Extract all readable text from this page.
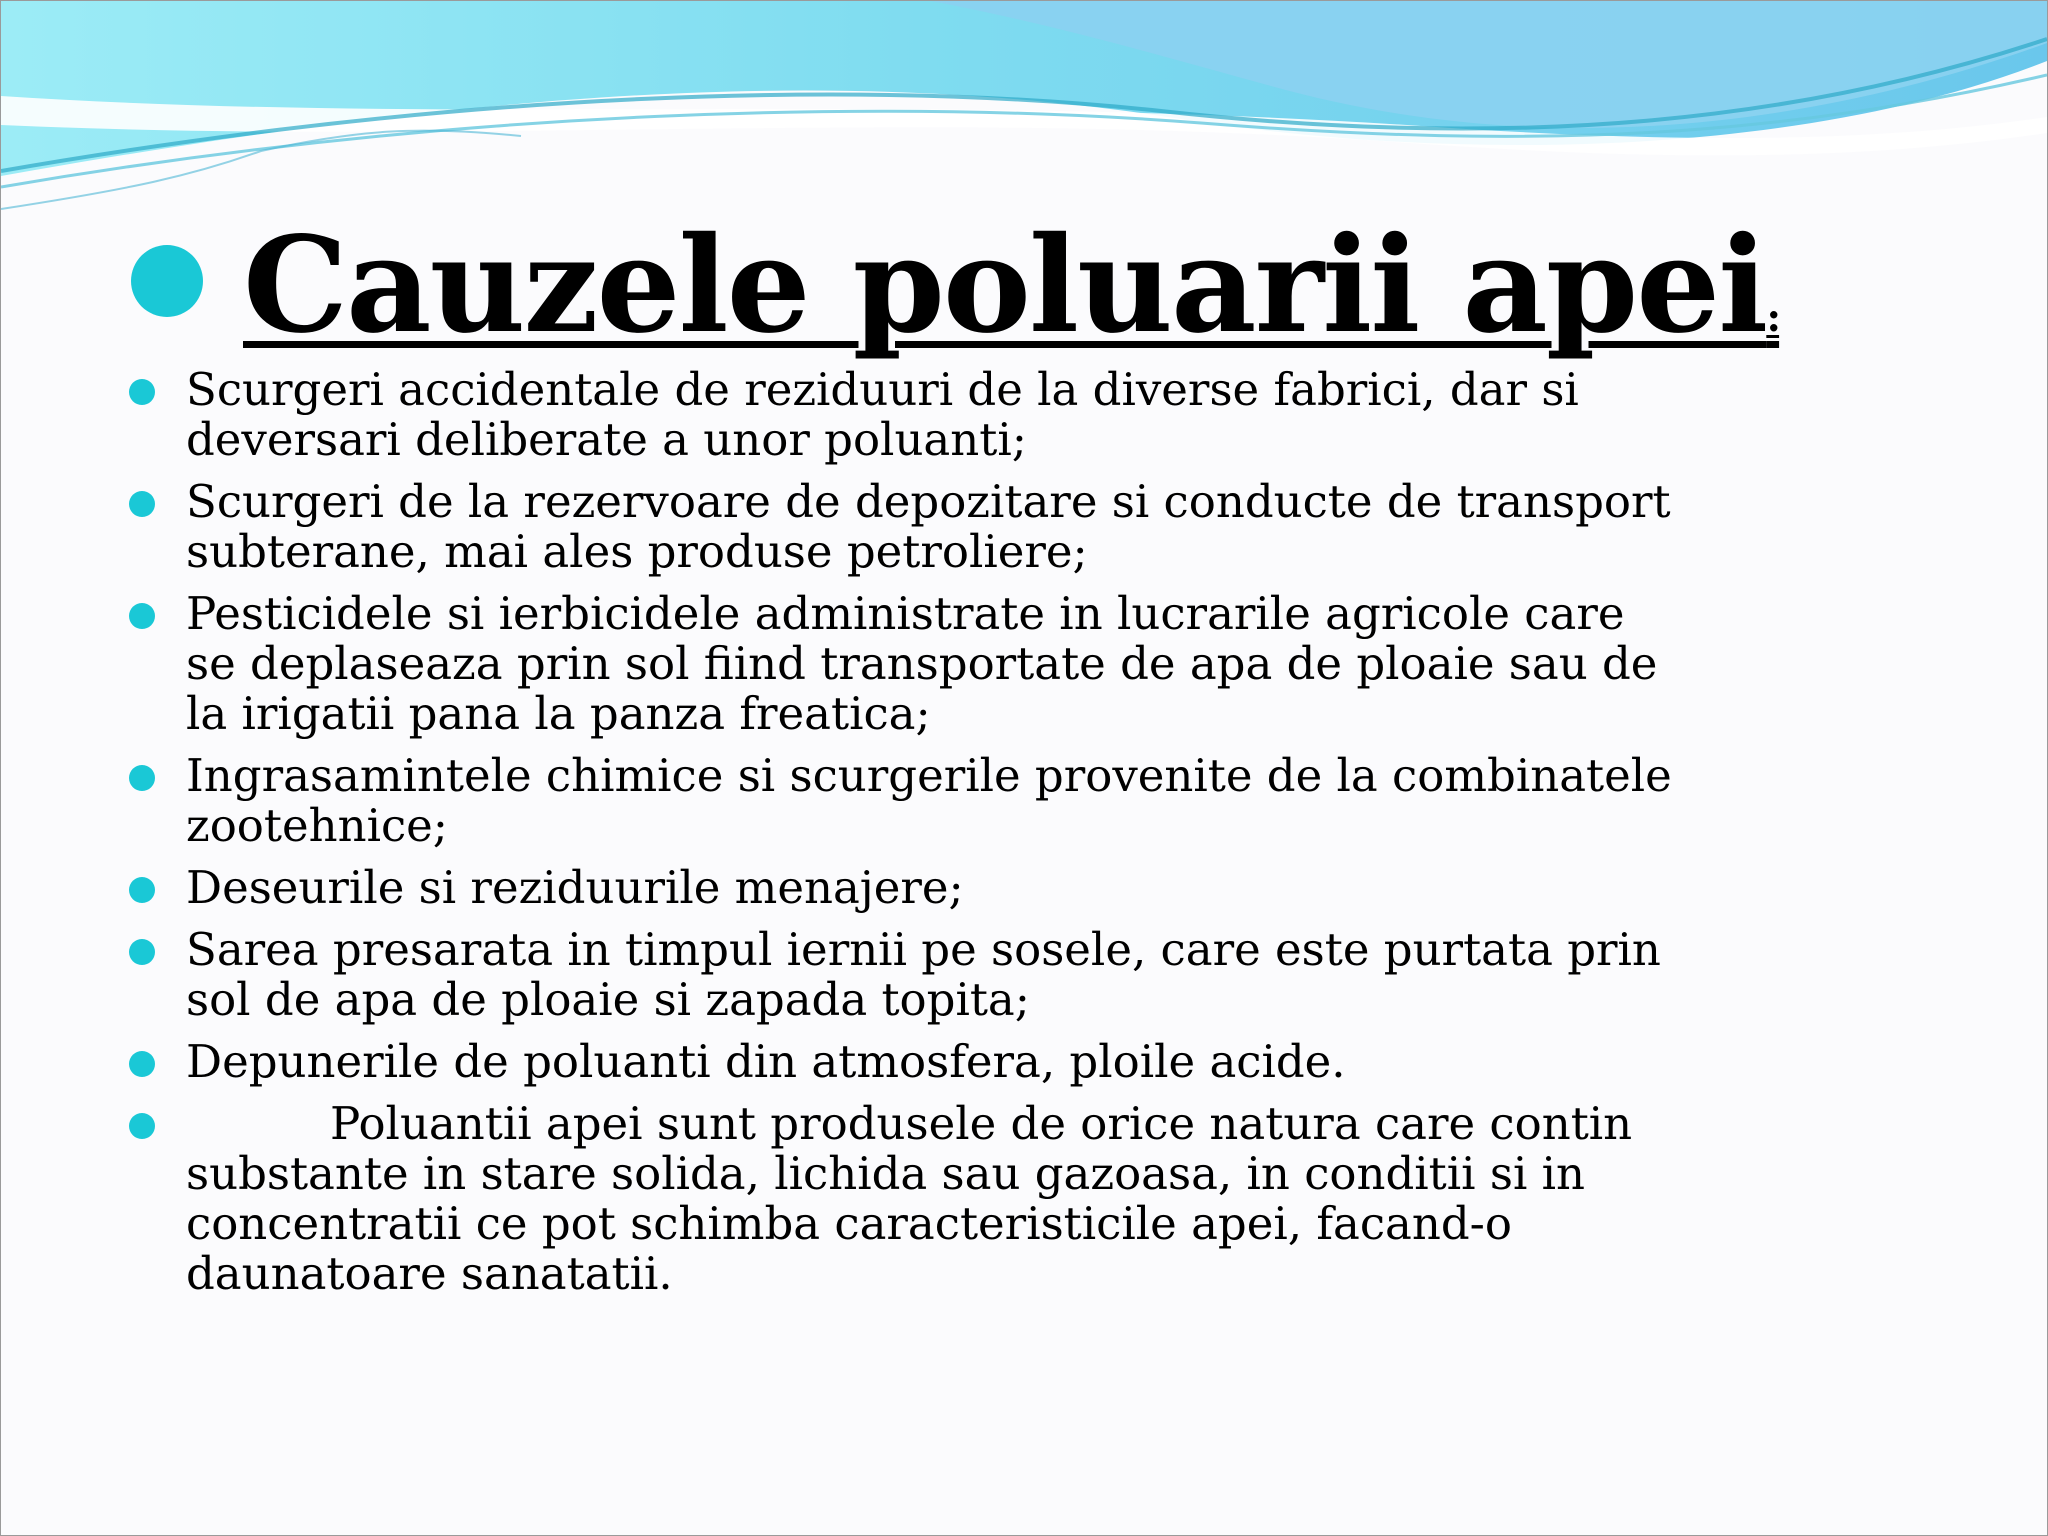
Cauzele poluarii apei:
Scurgeri accidentale de reziduuri de la diverse fabrici, dar si deversari deliberate a unor poluanti;
Scurgeri de la rezervoare de depozitare si conducte de transport subterane, mai ales produse petroliere;
Pesticidele si ierbicidele administrate in lucrarile agricole care se deplaseaza prin sol fiind transportate de apa de ploaie sau de la irigatii pana la panza freatica;
Ingrasamintele chimice si scurgerile provenite de la combinatele zootehnice;
Deseurile si reziduurile menajere;
Sarea presarata in timpul iernii pe sosele, care este purtata prin sol de apa de ploaie si zapada topita;
Depunerile de poluanti din atmosfera, ploile acide.
Poluantii apei sunt produsele de orice natura care contin substante in stare solida, lichida sau gazoasa, in conditii si in concentratii ce pot schimba caracteristicile apei, facand-o daunatoare sanatatii.
